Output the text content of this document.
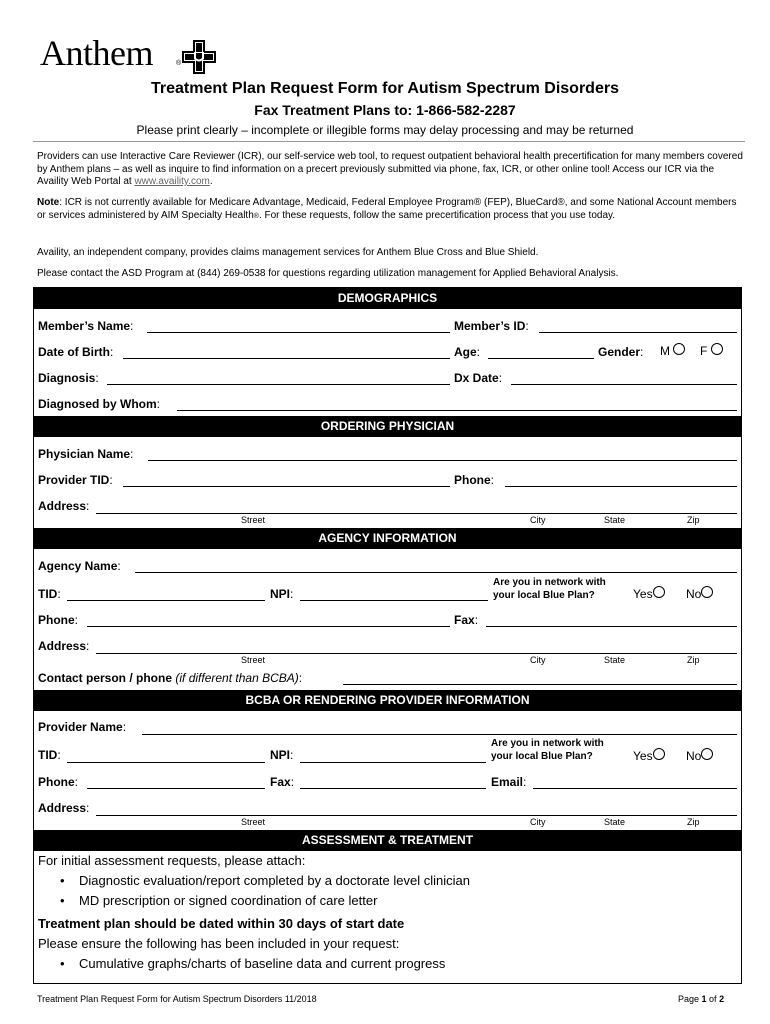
Anthem	®
Treatment Plan Request Form for Autism Spectrum Disorders
Fax Treatment Plans to: 1-866-582-2287
Please print clearly – incomplete or illegible forms may delay processing and may be returned
Providers can use Interactive Care Reviewer (ICR), our self-service web tool, to request outpatient behavioral health precertification for many members covered by Anthem plans – as well as inquire to find information on a precert previously submitted via phone, fax, ICR, or other online tool! Access our ICR via the Availity Web Portal at www.availity.com.
Note: ICR is not currently available for Medicare Advantage, Medicaid, Federal Employee Program® (FEP), BlueCard®, and some National Account members or services administered by AIM Specialty Health®. For these requests, follow the same precertification process that you use today.
Availity, an independent company, provides claims management services for Anthem Blue Cross and Blue Shield.
Please contact the ASD Program at (844) 269-0538 for questions regarding utilization management for Applied Behavioral Analysis.
DEMOGRAPHICS
Member’s Name:	Member’s ID:
Date of Birth:	Age:	Gender: M	F
Diagnosis:	Dx Date:
Diagnosed by Whom:
ORDERING PHYSICIAN
Physician Name:
Provider TID:	Phone:
Address:
Street	City	State	Zip
AGENCY INFORMATION
Agency Name:
TID:	NPI:
Are you in network with
your local Blue Plan?	Yes	No
Phone:	Fax:
Address:
Street	City	State	Zip
Contact person / phone (if different than BCBA):
BCBA OR RENDERING PROVIDER INFORMATION
Provider Name:
TID:	NPI:
Are you in network with
your local Blue Plan?	Yes	No
Phone:	Fax:	Email:
Address:
Street	City	State	Zip
ASSESSMENT & TREATMENT
For initial assessment requests, please attach:
•    Diagnostic evaluation/report completed by a doctorate level clinician
•    MD prescription or signed coordination of care letter
Treatment plan should be dated within 30 days of start date
Please ensure the following has been included in your request:
•    Cumulative graphs/charts of baseline data and current progress
Treatment Plan Request Form for Autism Spectrum Disorders 11/2018	Page 1 of 2
